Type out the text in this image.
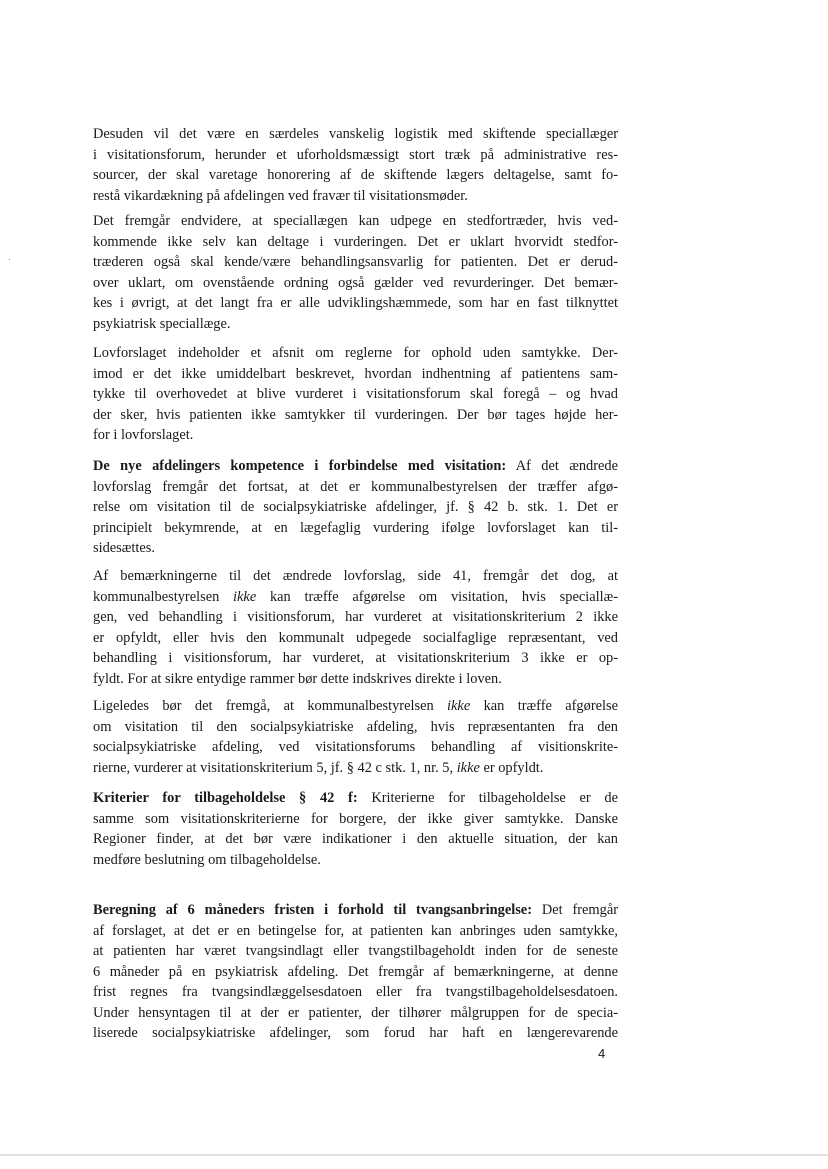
Desuden vil det være en særdeles vanskelig logistik med skiftende speciallæger
i visitationsforum, herunder et uforholdsmæssigt stort træk på administrative res-
sourcer, der skal varetage honorering af de skiftende lægers deltagelse, samt fo-
restå vikardækning på afdelingen ved fravær til visitationsmøder.
Det fremgår endvidere, at speciallægen kan udpege en stedfortræder, hvis ved-
kommende ikke selv kan deltage i vurderingen. Det er uklart hvorvidt stedfor-
træderen også skal kende/være behandlingsansvarlig for patienten. Det er derud-
over uklart, om ovenstående ordning også gælder ved revurderinger. Det bemær-
kes i øvrigt, at det langt fra er alle udviklingshæmmede, som har en fast tilknyttet
psykiatrisk speciallæge.
Lovforslaget indeholder et afsnit om reglerne for ophold uden samtykke. Der-
imod er det ikke umiddelbart beskrevet, hvordan indhentning af patientens sam-
tykke til overhovedet at blive vurderet i visitationsforum skal foregå – og hvad
der sker, hvis patienten ikke samtykker til vurderingen. Der bør tages højde her-
for i lovforslaget.
De nye afdelingers kompetence i forbindelse med visitation: Af det ændrede
lovforslag fremgår det fortsat, at det er kommunalbestyrelsen der træffer afgø-
relse om visitation til de socialpsykiatriske afdelinger, jf. § 42 b. stk. 1. Det er
principielt bekymrende, at en lægefaglig vurdering ifølge lovforslaget kan til-
sidesættes.
Af bemærkningerne til det ændrede lovforslag, side 41, fremgår det dog, at
kommunalbestyrelsen ikke kan træffe afgørelse om visitation, hvis speciallæ-
gen, ved behandling i visitionsforum, har vurderet at visitationskriterium 2 ikke
er opfyldt, eller hvis den kommunalt udpegede socialfaglige repræsentant, ved
behandling i visitionsforum, har vurderet, at visitationskriterium 3 ikke er op-
fyldt. For at sikre entydige rammer bør dette indskrives direkte i loven.
Ligeledes bør det fremgå, at kommunalbestyrelsen ikke kan træffe afgørelse
om visitation til den socialpsykiatriske afdeling, hvis repræsentanten fra den
socialpsykiatriske afdeling, ved visitationsforums behandling af visitionskrite-
rierne, vurderer at visitationskriterium 5, jf. § 42 c stk. 1, nr. 5, ikke er opfyldt.
Kriterier for tilbageholdelse § 42 f: Kriterierne for tilbageholdelse er de
samme som visitationskriterierne for borgere, der ikke giver samtykke. Danske
Regioner finder, at det bør være indikationer i den aktuelle situation, der kan
medføre beslutning om tilbageholdelse.
Beregning af 6 måneders fristen i forhold til tvangsanbringelse: Det fremgår
af forslaget, at det er en betingelse for, at patienten kan anbringes uden samtykke,
at patienten har været tvangsindlagt eller tvangstilbageholdt inden for de seneste
6 måneder på en psykiatrisk afdeling. Det fremgår af bemærkningerne, at denne
frist regnes fra tvangsindlæggelsesdatoen eller fra tvangstilbageholdelsesdatoen.
Under hensyntagen til at der er patienter, der tilhører målgruppen for de specia-
liserede socialpsykiatriske afdelinger, som forud har haft en længerevarende
4
